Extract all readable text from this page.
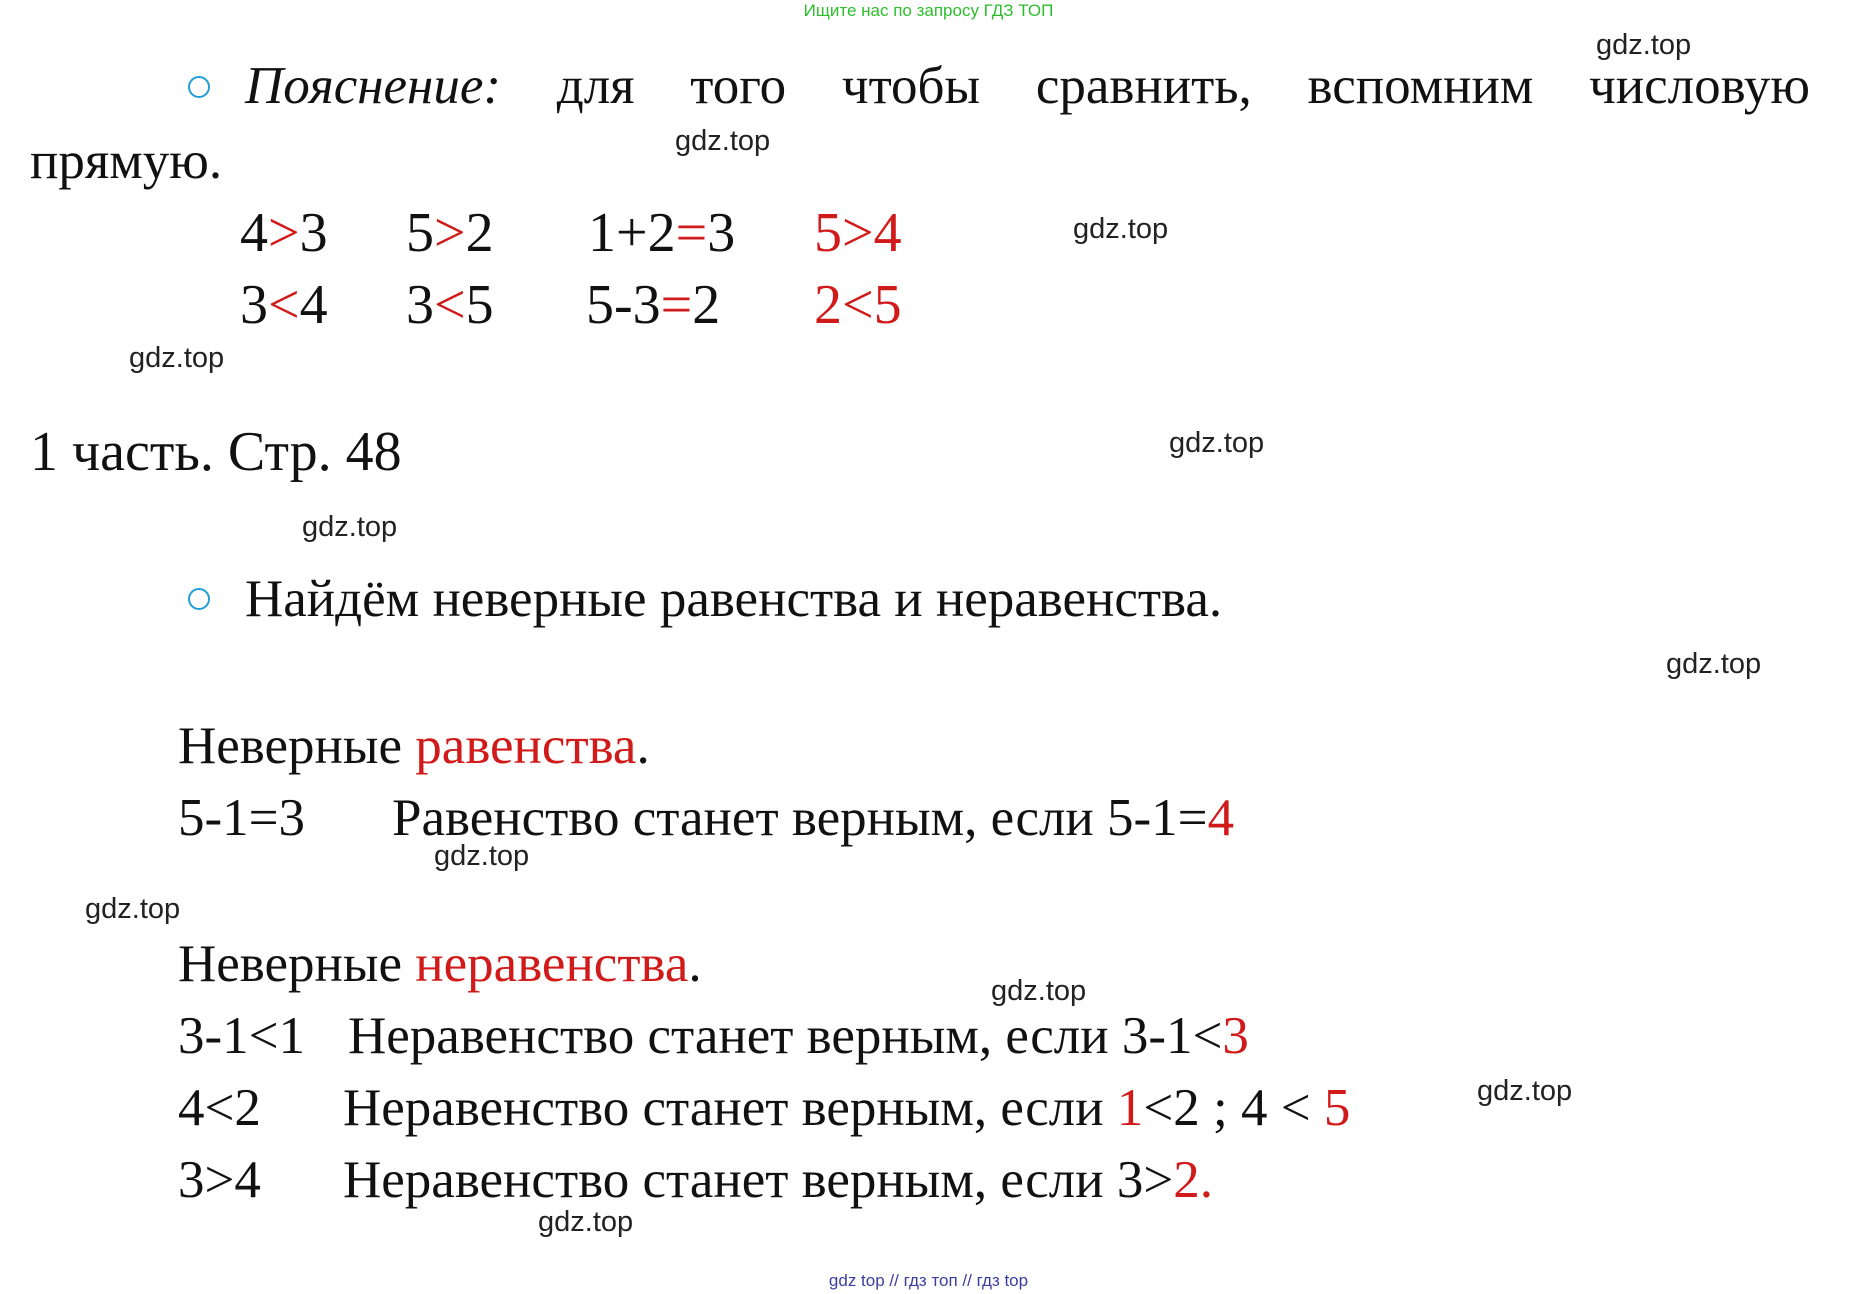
Ищите нас по запросу ГДЗ ТОП
Пояснение: для того чтобы сравнить, вспомним числовую
прямую.
4>3 5>2 1+2=3 5>4
3<4 3<5 5-3=2 2<5
1 часть. Стр. 48
Найдём неверные равенства и неравенства.
Неверные равенства.
5-1=3 Равенство станет верным, если 5-1=4
Неверные неравенства.
3-1<1 Неравенство станет верным, если 3-1<3
4<2 Неравенство станет верным, если 1<2 ; 4 < 5
3>4 Неравенство станет верным, если 3>2.
gdz.top
gdz.top
gdz.top
gdz.top
gdz.top
gdz.top
gdz.top
gdz.top
gdz.top
gdz.top
gdz.top
gdz.top
gdz top // гдз топ // гдз top
